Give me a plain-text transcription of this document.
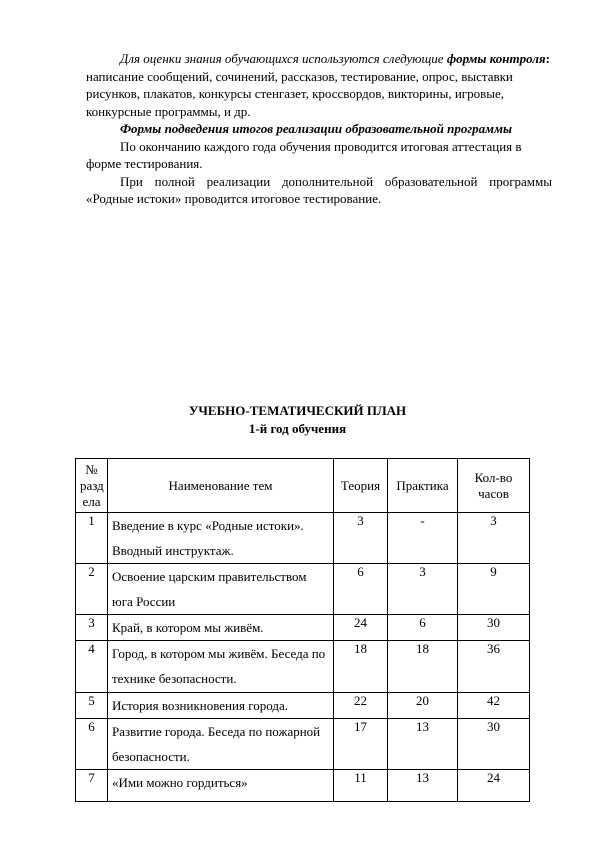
Для оценки знания обучающихся используются следующие формы контроля: написание сообщений, сочинений, рассказов, тестирование, опрос, выставки рисунков, плакатов, конкурсы стенгазет, кроссвордов, викторины, игровые, конкурсные программы, и др.

Формы подведения итогов реализации образовательной программы

По окончанию каждого года обучения проводится итоговая аттестация в форме тестирования.

При полной реализации дополнительной образовательной программы «Родные истоки» проводится итоговое тестирование.

УЧЕБНО-ТЕМАТИЧЕСКИЙ ПЛАН
1-й год обучения
№ разд ела	Наименование тем	Теория	Практика	Кол-во часов
1	Введение в курс «Родные истоки». Вводный инструктаж.	3	-	3
2	Освоение царским правительством юга России	6	3	9
3	Край, в котором мы живём.	24	6	30
4	Город, в котором мы живём. Беседа по технике безопасности.	18	18	36
5	История возникновения города.	22	20	42
6	Развитие города. Беседа по пожарной безопасности.	17	13	30
7	«Ими можно гордиться»	11	13	24
